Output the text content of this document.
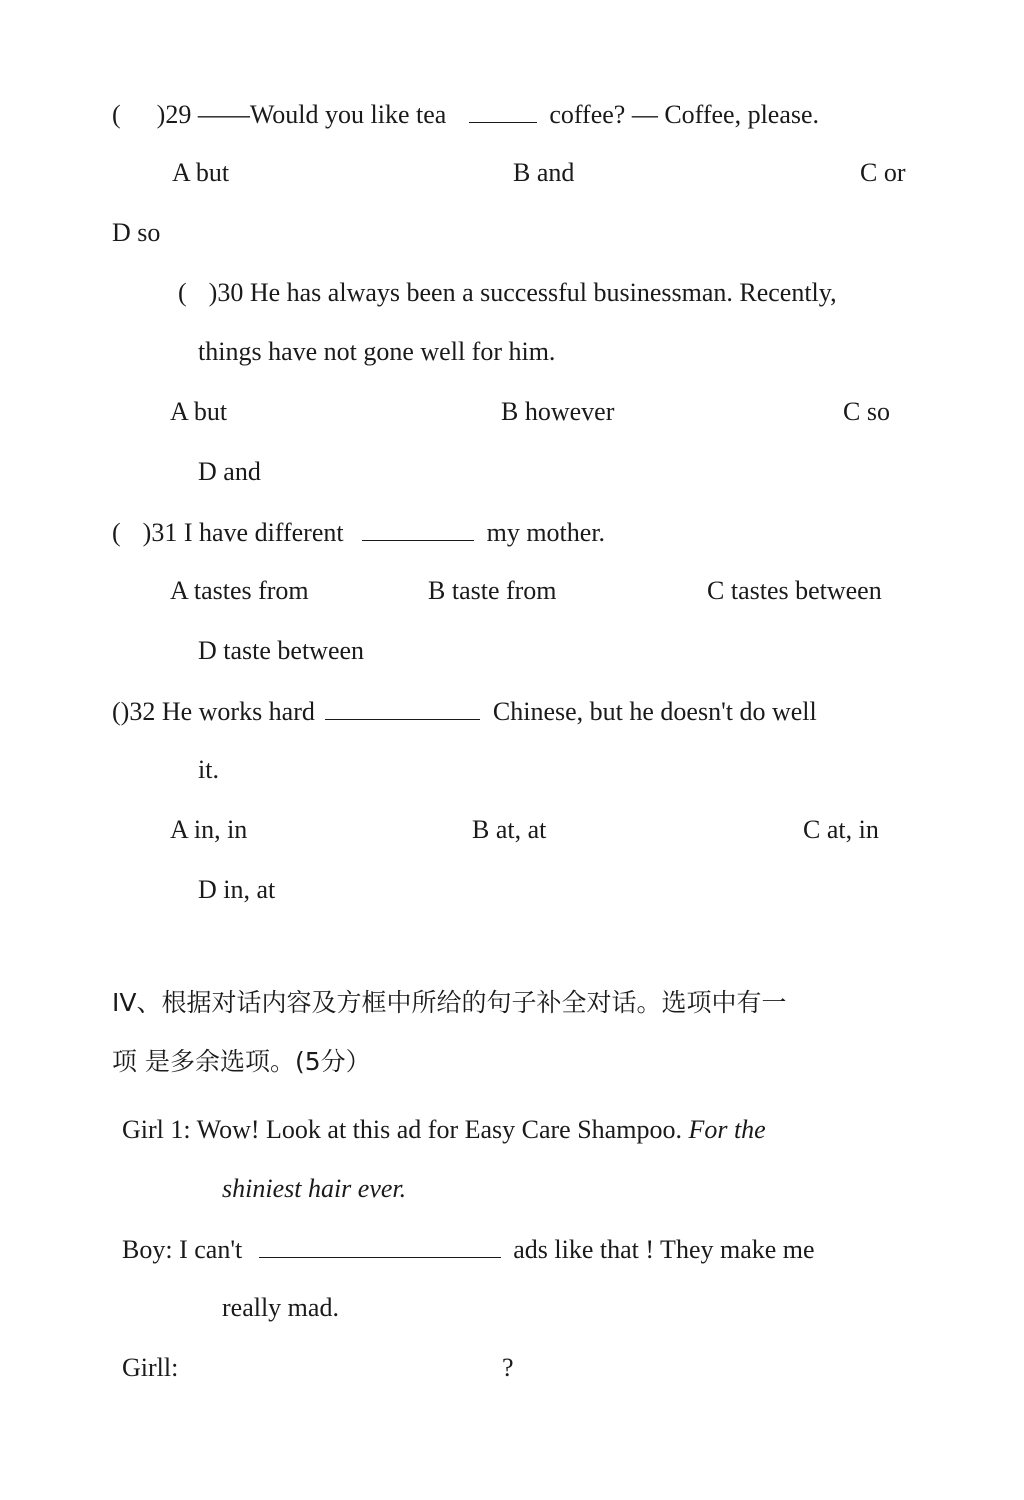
( )29 ——Would you like tea	coffee? — Coffee, please.
A but	B and	C or
D so
( )30 He has always been a successful businessman. Recently,
things have not gone well for him.
A but	B however	C so
D and
( )31 I have different	my mother.
A tastes from	B taste from	C tastes between
D taste between
()32 He works hard	Chinese, but he doesn't do well
it.
A in, in	B at, at	C at, in
D in, at
IV、根据对话内容及方框中所给的句子补全对话。选项中有一
项 是多余选项。(5分）
Girl 1: Wow! Look at this ad for Easy Care Shampoo. For the
shiniest hair ever.
Boy: I can't	ads like that ! They make me
really mad.
Girll:	?
